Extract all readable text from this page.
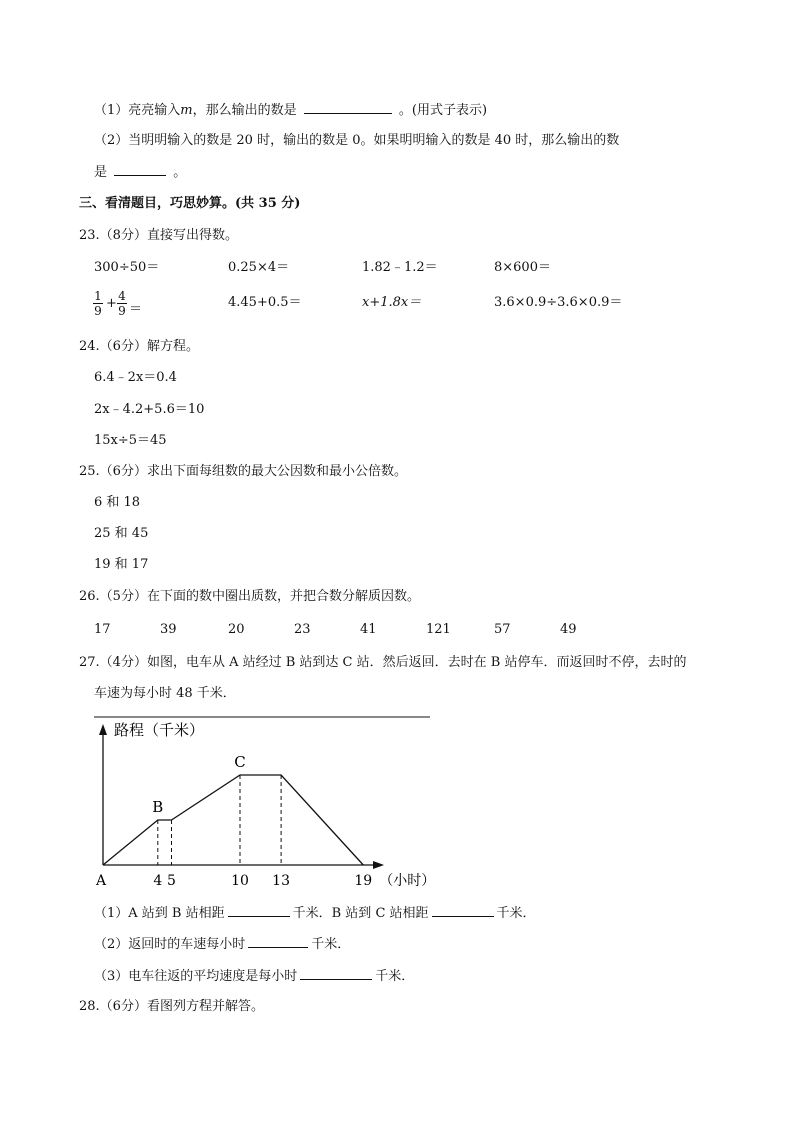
（1）亮亮输入m，那么输出的数是	。(用式子表示)
（2）当明明输入的数是 20 时，输出的数是 0。如果明明输入的数是 40 时，那么输出的数
是	。
三、看清题目，巧思妙算。(共 35 分)
23.（8分）直接写出得数。
300÷50＝	0.25×4＝	1.82﹣1.2＝	8×600＝
1
9 + 4
9 ＝	4.45+0.5＝	x+1.8x＝	3.6×0.9÷3.6×0.9＝
24.（6分）解方程。
6.4﹣2x＝0.4
2x﹣4.2+5.6＝10
15x÷5＝45
25.（6分）求出下面每组数的最大公因数和最小公倍数。
6 和 18
25 和 45
19 和 17
26.（5分）在下面的数中圈出质数，并把合数分解质因数。
17	39	20	23	41	121	57	49
27.（4分）如图，电车从 A 站经过 B 站到达 C 站．然后返回．去时在 B 站停车．而返回时不停，去时的
车速为每小时 48 千米．
路程（千米）
4 5	10 13	19
A	（小时）
B
C
（1）A 站到 B 站相距	千米．B 站到 C 站相距	千米．
（2）返回时的车速每小时	千米．
（3）电车往返的平均速度是每小时	千米．
28.（6分）看图列方程并解答。
